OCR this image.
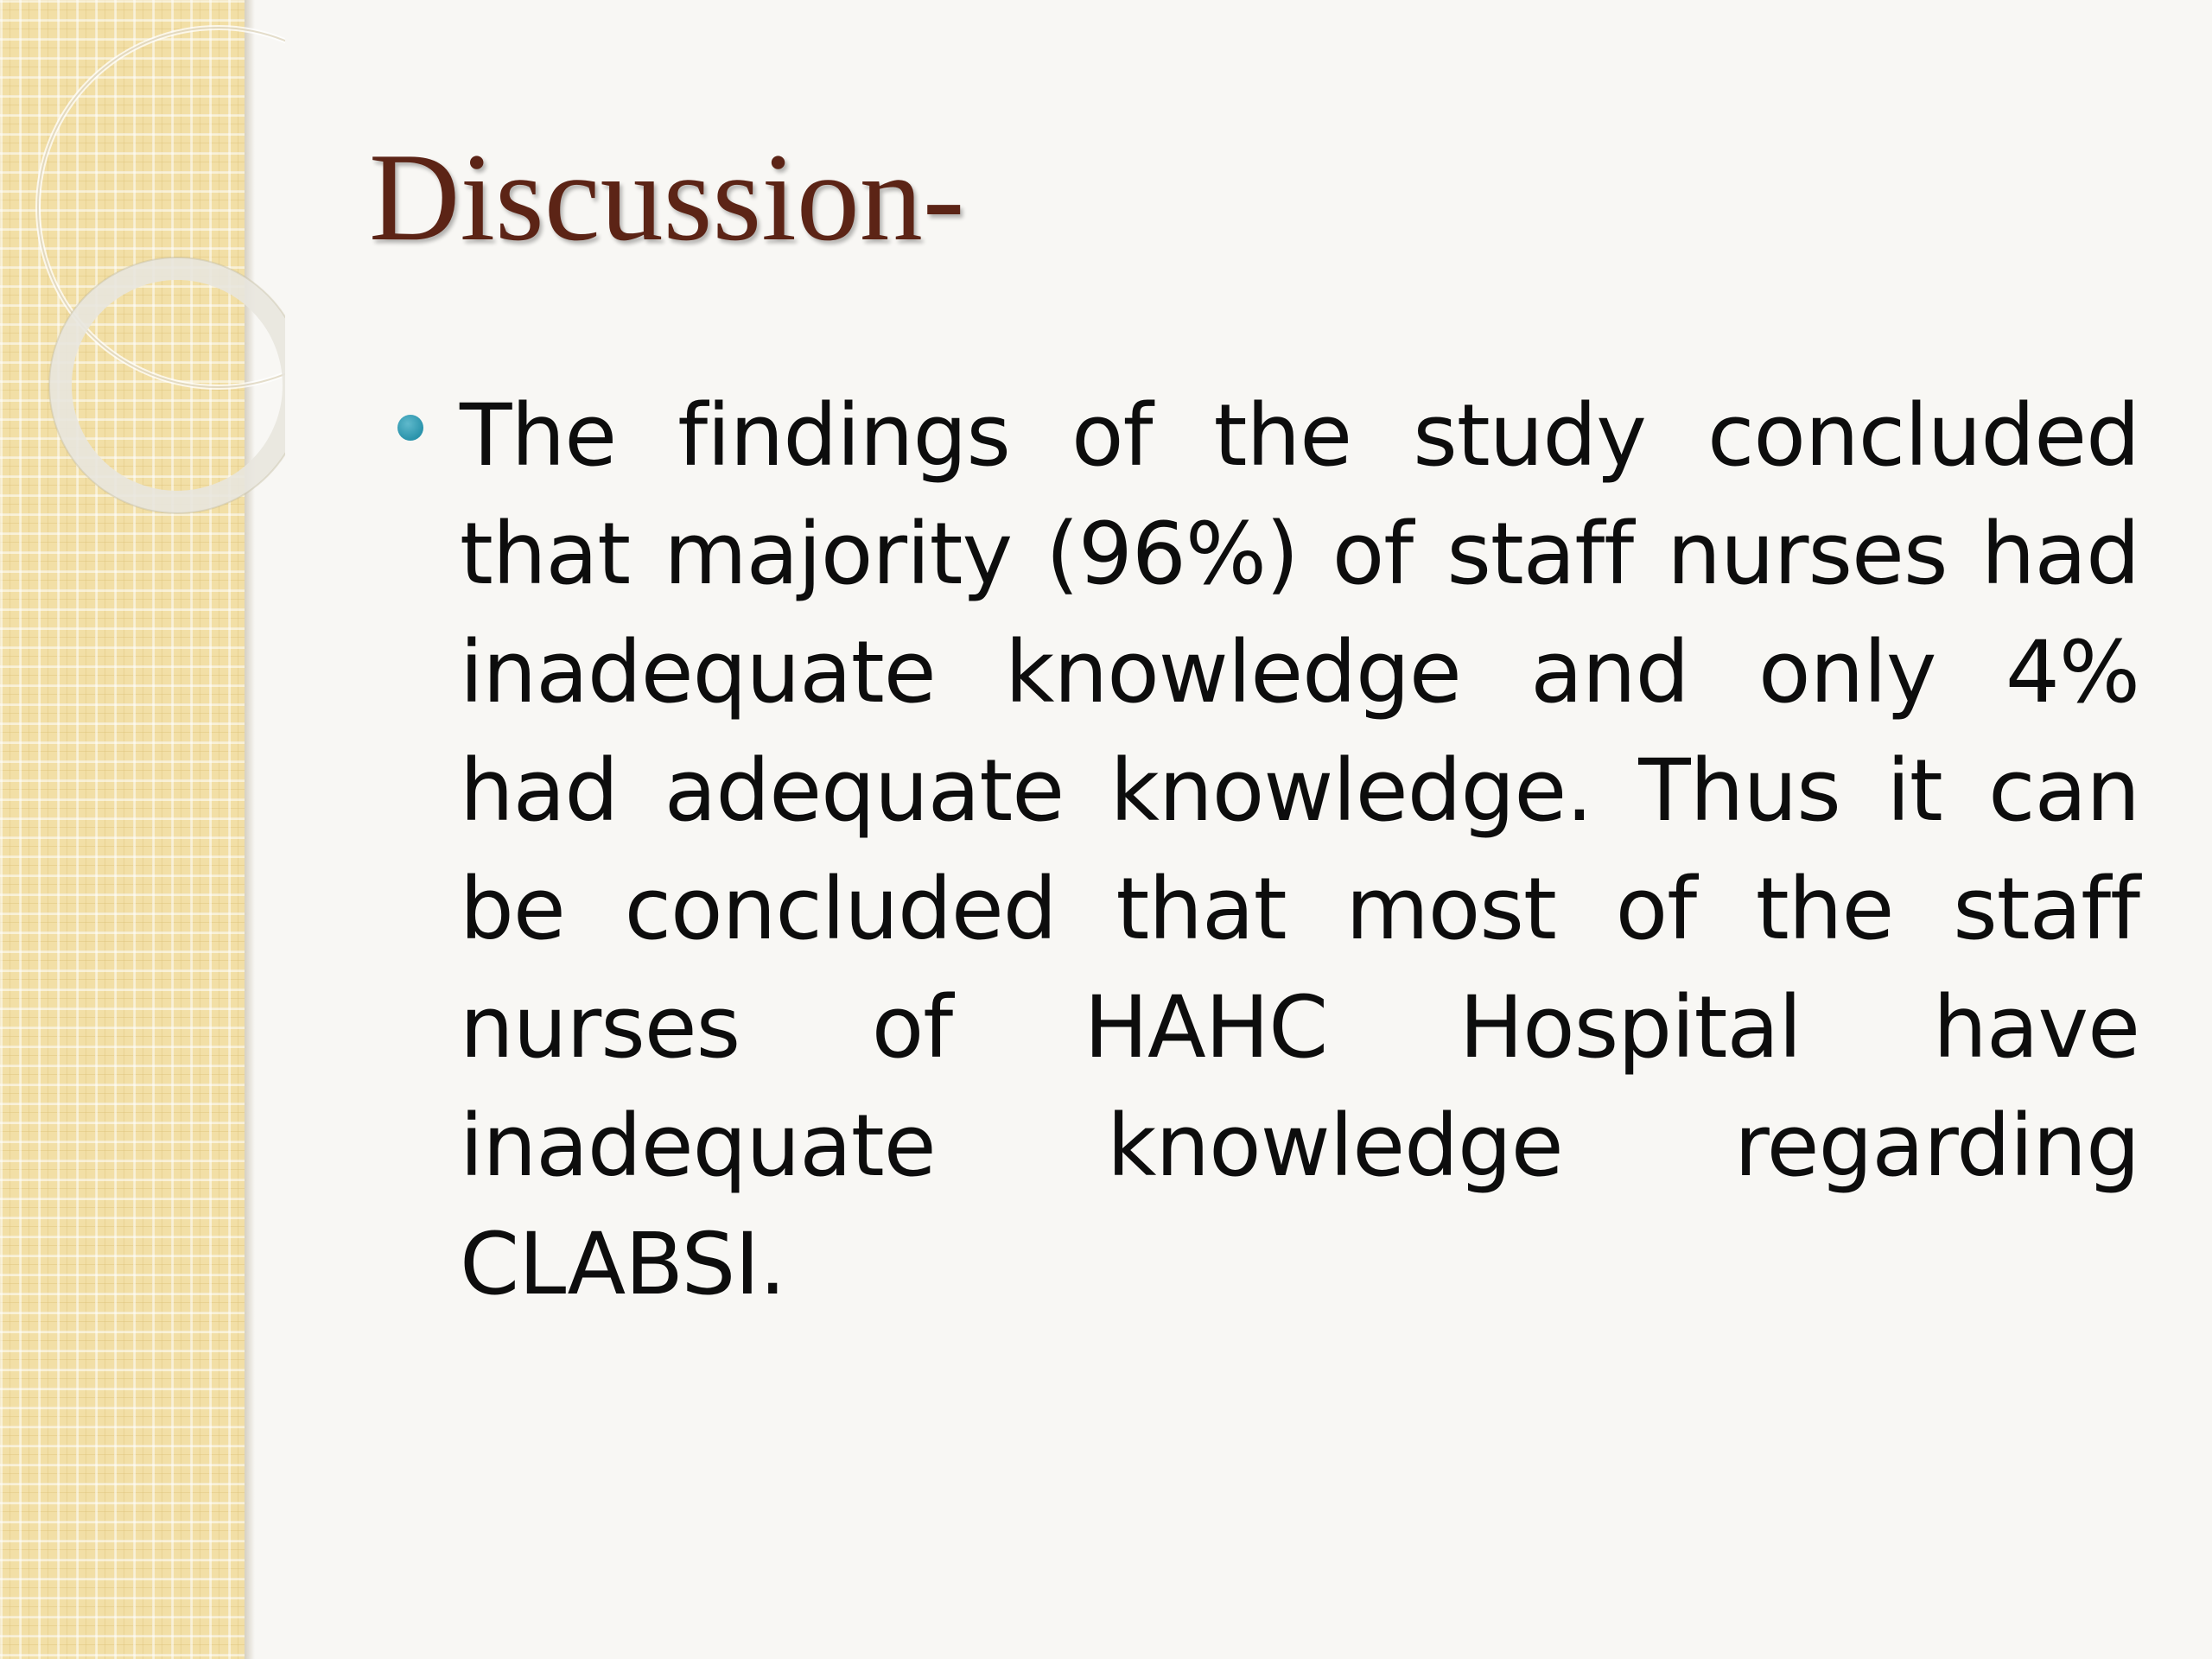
Discussion-
The findings of the study concluded that majority (96%) of staff nurses had inadequate knowledge and only 4% had adequate knowledge. Thus it can be concluded that most of the staff nurses of HAHC Hospital have inadequate knowledge regarding CLABSI.
